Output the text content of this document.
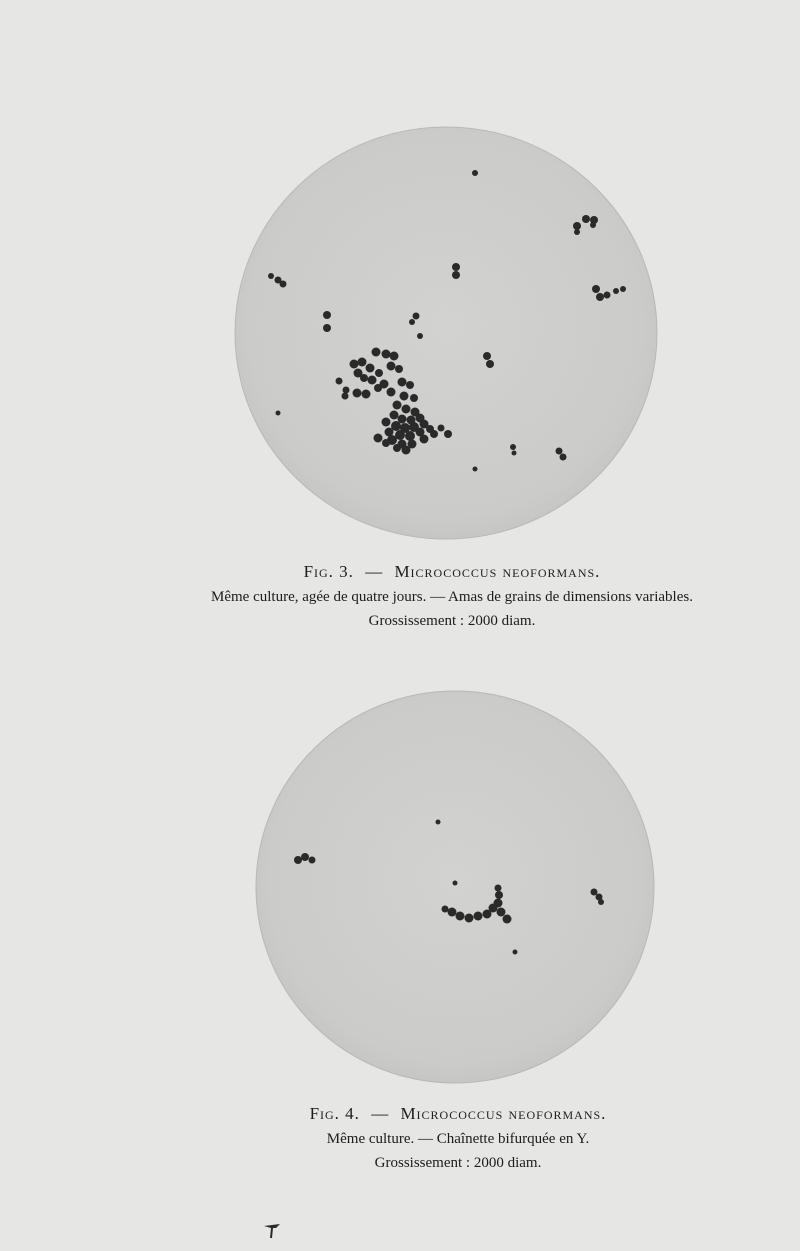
Fig. 3. — Micrococcus neoformans.
Même culture, agée de quatre jours. — Amas de grains de dimensions variables.
Grossissement : 2000 diam.
Fig. 4. — Micrococcus neoformans.
Même culture. — Chaînette bifurquée en Y.
Grossissement : 2000 diam.
